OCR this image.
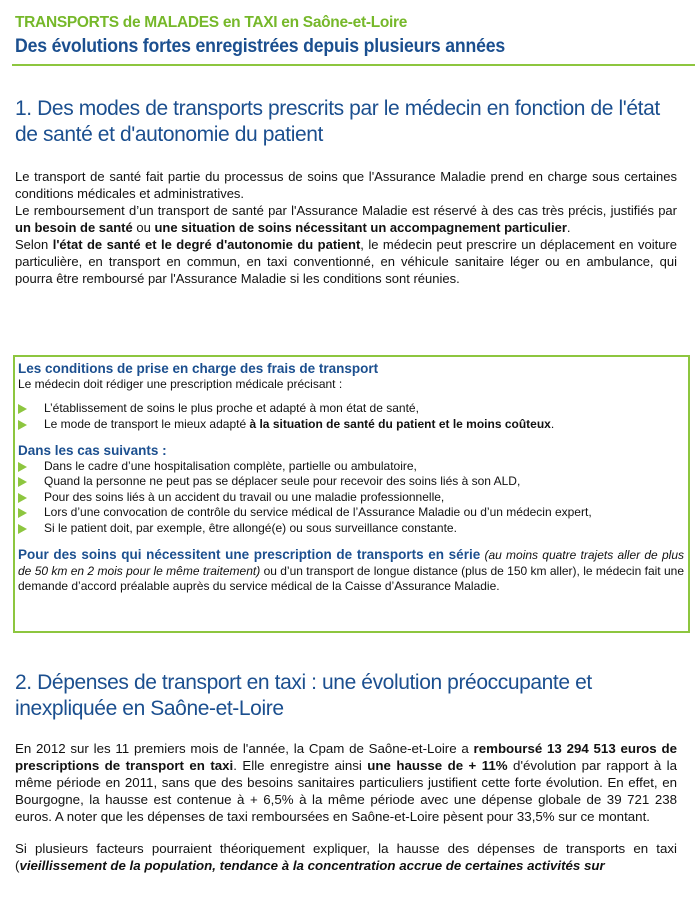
TRANSPORTS de MALADES en TAXI en Saône-et-Loire
Des évolutions fortes enregistrées depuis plusieurs années
1. Des modes de transports prescrits par le médecin en fonction de l'état de santé et d'autonomie du patient

Le transport de santé fait partie du processus de soins que l'Assurance Maladie prend en charge sous certaines conditions médicales et administratives.

Le remboursement d’un transport de santé par l'Assurance Maladie est réservé à des cas très précis, justifiés par un besoin de santé ou une situation de soins nécessitant un accompagnement particulier.

Selon l'état de santé et le degré d'autonomie du patient, le médecin peut prescrire un déplacement en voiture particulière, en transport en commun, en taxi conventionné, en véhicule sanitaire léger ou en ambulance, qui pourra être remboursé par l'Assurance Maladie si les conditions sont réunies.

Les conditions de prise en charge des frais de transport

Le médecin doit rédiger une prescription médicale précisant :

L’établissement de soins le plus proche et adapté à mon état de santé,
Le mode de transport le mieux adapté à la situation de santé du patient et le moins coûteux.
Dans les cas suivants :
Dans le cadre d’une hospitalisation complète, partielle ou ambulatoire,
Quand la personne ne peut pas se déplacer seule pour recevoir des soins liés à son ALD,
Pour des soins liés à un accident du travail ou une maladie professionnelle,
Lors d’une convocation de contrôle du service médical de l’Assurance Maladie ou d’un médecin expert,
Si le patient doit, par exemple, être allongé(e) ou sous surveillance constante.

Pour des soins qui nécessitent une prescription de transports en série (au moins quatre trajets aller de plus de 50 km en 2 mois pour le même traitement) ou d’un transport de longue distance (plus de 150 km aller), le médecin fait une demande d’accord préalable auprès du service médical de la Caisse d’Assurance Maladie.

2. Dépenses de transport en taxi : une évolution préoccupante et inexpliquée en Saône-et-Loire

En 2012 sur les 11 premiers mois de l'année, la Cpam de Saône-et-Loire a remboursé 13 294 513 euros de prescriptions de transport en taxi. Elle enregistre ainsi une hausse de + 11% d'évolution par rapport à la même période en 2011, sans que des besoins sanitaires particuliers justifient cette forte évolution. En effet, en Bourgogne, la hausse est contenue à + 6,5% à la même période avec une dépense globale de 39 721 238 euros. A noter que les dépenses de taxi remboursées en Saône-et-Loire pèsent pour 33,5% sur ce montant.

Si plusieurs facteurs pourraient théoriquement expliquer, la hausse des dépenses de transports en taxi (vieillissement de la population, tendance à la concentration accrue de certaines activités sur
